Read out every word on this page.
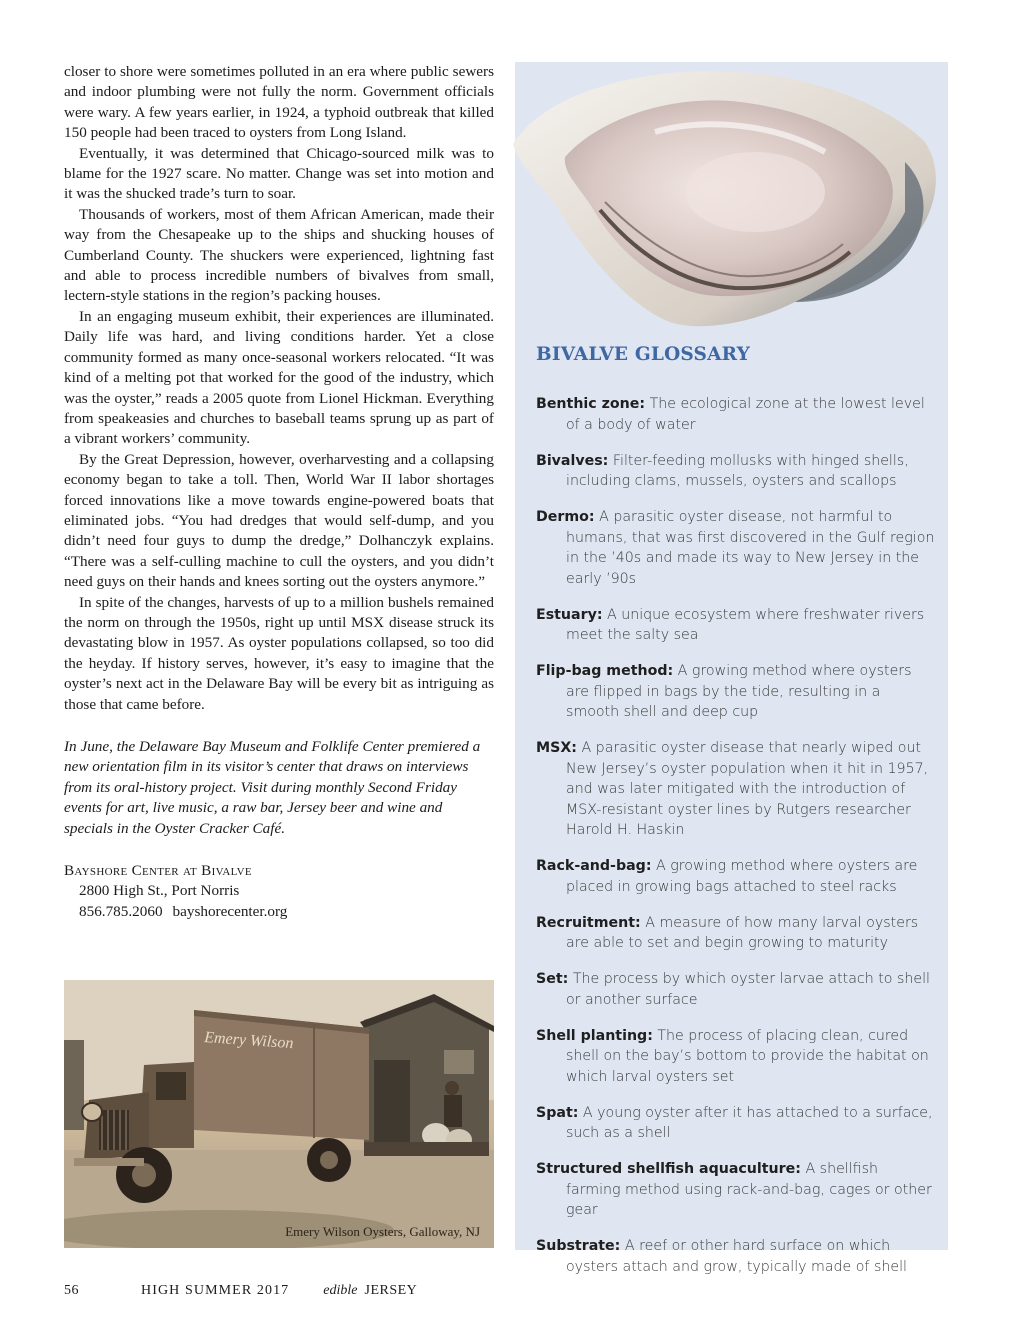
closer to shore were sometimes polluted in an era where public sewers and indoor plumbing were not fully the norm. Government officials were wary. A few years earlier, in 1924, a typhoid outbreak that killed 150 people had been traced to oysters from Long Island.

Eventually, it was determined that Chicago-sourced milk was to blame for the 1927 scare. No matter. Change was set into motion and it was the shucked trade’s turn to soar.

Thousands of workers, most of them African American, made their way from the Chesapeake up to the ships and shucking houses of Cumberland County. The shuckers were experienced, lightning fast and able to process incredible numbers of bivalves from small, lectern-style stations in the region’s packing houses.

In an engaging museum exhibit, their experiences are illuminated. Daily life was hard, and living conditions harder. Yet a close community formed as many once-seasonal workers relocated. “It was kind of a melting pot that worked for the good of the industry, which was the oyster,” reads a 2005 quote from Lionel Hickman. Everything from speakeasies and churches to baseball teams sprung up as part of a vibrant workers’ community.

By the Great Depression, however, overharvesting and a collapsing economy began to take a toll. Then, World War II labor shortages forced innovations like a move towards engine-powered boats that eliminated jobs. “You had dredges that would self-dump, and you didn’t need four guys to dump the dredge,” Dolhanczyk explains. “There was a self-culling machine to cull the oysters, and you didn’t need guys on their hands and knees sorting out the oysters anymore.”

In spite of the changes, harvests of up to a million bushels remained the norm on through the 1950s, right up until MSX disease struck its devastating blow in 1957. As oyster populations collapsed, so too did the heyday. If history serves, however, it’s easy to imagine that the oyster’s next act in the Delaware Bay will be every bit as intriguing as those that came before.

In June, the Delaware Bay Museum and Folklife Center premiered a new orientation film in its visitor’s center that draws on interviews from its oral-history project. Visit during monthly Second Friday events for art, live music, a raw bar, Jersey beer and wine and specials in the Oyster Cracker Café.

Bayshore Center at Bivalve
2800 High St., Port Norris
856.785.2060 bayshorecenter.org
Emery Wilson
Emery Wilson Oysters, Galloway, NJ
BIVALVE GLOSSARY

Benthic zone: The ecological zone at the lowest level of a body of water

Bivalves: Filter-feeding mollusks with hinged shells, including clams, mussels, oysters and scallops

Dermo: A parasitic oyster disease, not harmful to humans, that was first discovered in the Gulf region in the ’40s and made its way to New Jersey in the early ’90s

Estuary: A unique ecosystem where freshwater rivers meet the salty sea

Flip-bag method: A growing method where oysters are flipped in bags by the tide, resulting in a smooth shell and deep cup

MSX: A parasitic oyster disease that nearly wiped out New Jersey’s oyster population when it hit in 1957, and was later mitigated with the introduction of MSX-resistant oyster lines by Rutgers researcher Harold H. Haskin

Rack-and-bag: A growing method where oysters are placed in growing bags attached to steel racks

Recruitment: A measure of how many larval oysters are able to set and begin growing to maturity

Set: The process by which oyster larvae attach to shell or another surface

Shell planting: The process of placing clean, cured shell on the bay’s bottom to provide the habitat on which larval oysters set

Spat: A young oyster after it has attached to a surface, such as a shell

Structured shellfish aquaculture: A shellfish farming method using rack-and-bag, cages or other gear

Substrate: A reef or other hard surface on which oysters attach and grow, typically made of shell

56	HIGH SUMMER 2017 edible JERSEY
